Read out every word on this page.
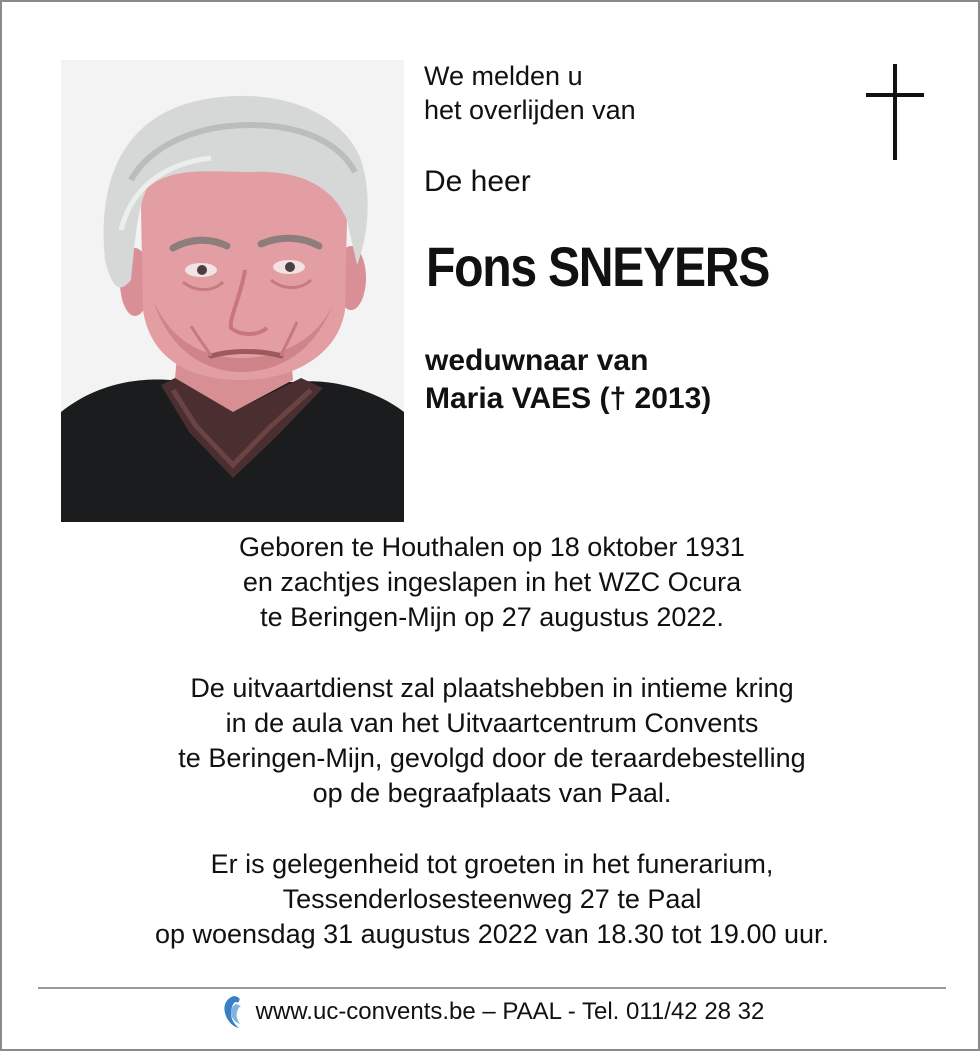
We melden u
het overlijden van
De heer
Fons SNEYERS
weduwnaar van
Maria VAES († 2013)
Geboren te Houthalen op 18 oktober 1931
en zachtjes ingeslapen in het WZC Ocura
te Beringen-Mijn op 27 augustus 2022.
De uitvaartdienst zal plaatshebben in intieme kring
in de aula van het Uitvaartcentrum Convents
te Beringen-Mijn, gevolgd door de teraardebestelling
op de begraafplaats van Paal.
Er is gelegenheid tot groeten in het funerarium,
Tessenderlosesteenweg 27 te Paal
op woensdag 31 augustus 2022 van 18.30 tot 19.00 uur.
www.uc-convents.be – PAAL - Tel. 011/42 28 32
